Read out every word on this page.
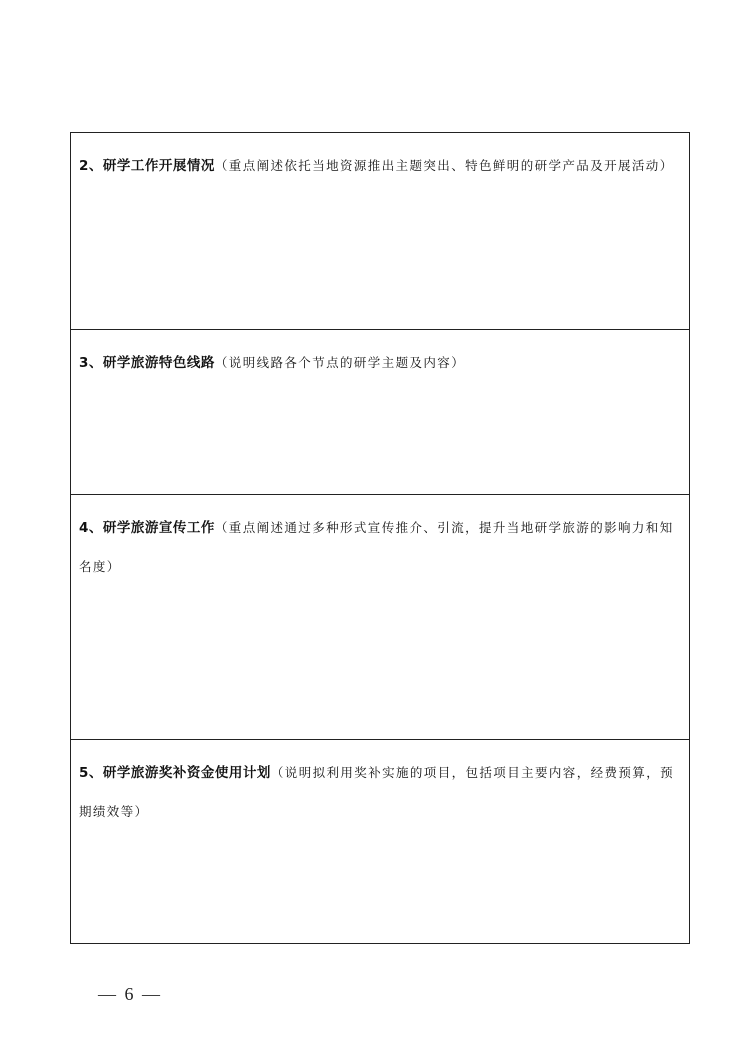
2、研学工作开展情况（重点阐述依托当地资源推出主题突出、特色鲜明的研学产品及开展活动）

3、研学旅游特色线路（说明线路各个节点的研学主题及内容）

4、研学旅游宣传工作（重点阐述通过多种形式宣传推介、引流，提升当地研学旅游的影响力和知名度）

5、研学旅游奖补资金使用计划（说明拟利用奖补实施的项目，包括项目主要内容，经费预算，预期绩效等）

— 6 —
